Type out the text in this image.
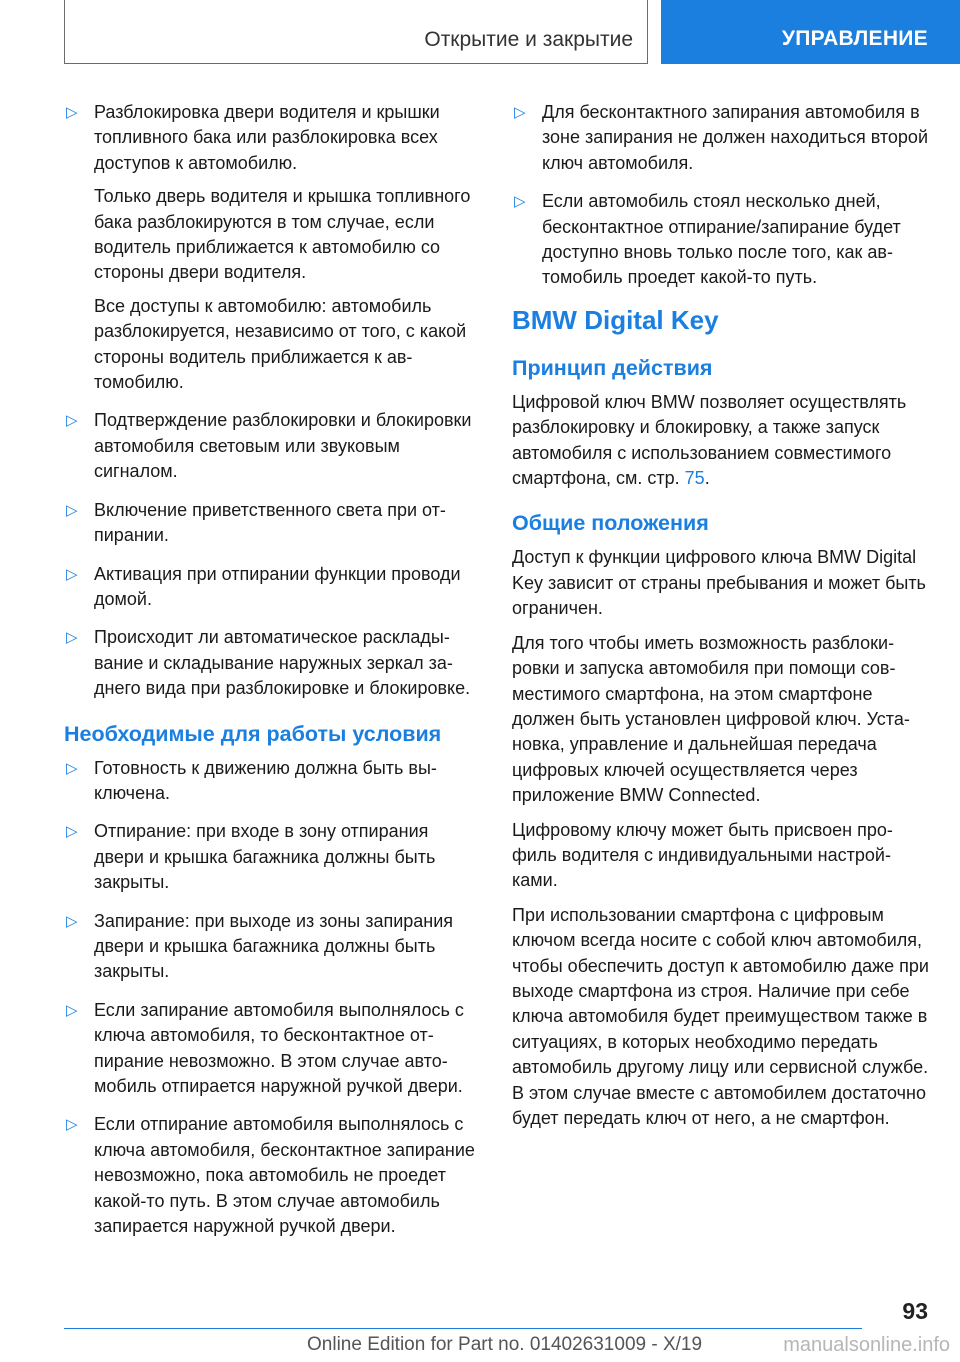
Открытие и закрытие	УПРАВЛЕНИЕ
▷ Разблокировка двери водителя и крышки топливного бака или разблокировка всех доступов к автомобилю.

Только дверь водителя и крышка топливного бака разблокируются в том случае, если водитель приближается к автомобилю со стороны двери водителя.

Все доступы к автомобилю: автомобиль разблокируется, независимо от того, с какой стороны водитель приближается к автомобилю.

▷ Подтверждение разблокировки и блокировки автомобиля световым или звуковым сигналом.

▷ Включение приветственного света при отпирании.

▷ Активация при отпирании функции проводи домой.

▷ Происходит ли автоматическое раскладывание и складывание наружных зеркал заднего вида при разблокировке и блокировке.

Необходимые для работы условия
▷ Готовность к движению должна быть выключена.

▷ Отпирание: при входе в зону отпирания двери и крышка багажника должны быть закрыты.

▷ Запирание: при выходе из зоны запирания двери и крышка багажника должны быть закрыты.

▷ Если запирание автомобиля выполнялось с ключа автомобиля, то бесконтактное отпирание невозможно. В этом случае автомобиль отпирается наружной ручкой двери.

▷ Если отпирание автомобиля выполнялось с ключа автомобиля, бесконтактное запирание невозможно, пока автомобиль не проедет какой-то путь. В этом случае автомобиль запирается наружной ручкой двери.

▷ Для бесконтактного запирания автомобиля в зоне запирания не должен находиться второй ключ автомобиля.

▷ Если автомобиль стоял несколько дней, бесконтактное отпирание/запирание будет доступно вновь только после того, как автомобиль проедет какой-то путь.

BMW Digital Key
Принцип действия

Цифровой ключ BMW позволяет осуществлять разблокировку и блокировку, а также запуск автомобиля с использованием совместимого смартфона, см. стр. 75.

Общие положения

Доступ к функции цифрового ключа BMW Digital Key зависит от страны пребывания и может быть ограничен.

Для того чтобы иметь возможность разблокировки и запуска автомобиля при помощи совместимого смартфона, на этом смартфоне должен быть установлен цифровой ключ. Установка, управление и дальнейшая передача цифровых ключей осуществляется через приложение BMW Connected.

Цифровому ключу может быть присвоен профиль водителя с индивидуальными настройками.

При использовании смартфона с цифровым ключом всегда носите с собой ключ автомобиля, чтобы обеспечить доступ к автомобилю даже при выходе смартфона из строя. Наличие при себе ключа автомобиля будет преимуществом также в ситуациях, в которых необходимо передать автомобиль другому лицу или сервисной службе. В этом случае вместе с автомобилем достаточно будет передать ключ от него, а не смартфон.

93
Online Edition for Part no. 01402631009 - X/19	manualsonline.info
